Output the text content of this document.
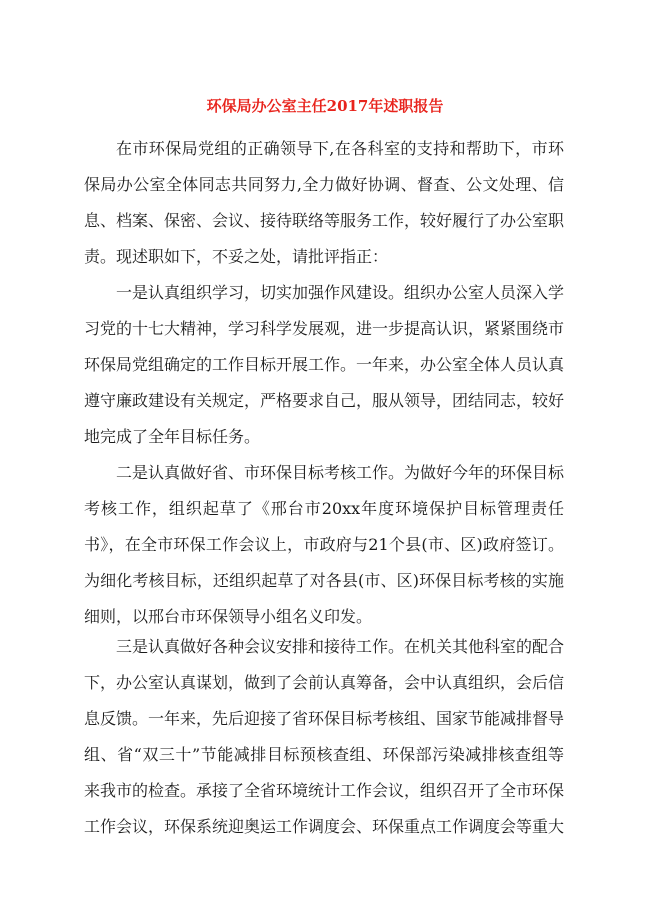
环保局办公室主任2017年述职报告
在市环保局党组的正确领导下,在各科室的支持和帮助下，市环
保局办公室全体同志共同努力,全力做好协调、督查、公文处理、信
息、档案、保密、会议、接待联络等服务工作，较好履行了办公室职
责。现述职如下，不妥之处，请批评指正：
一是认真组织学习，切实加强作风建设。组织办公室人员深入学
习党的十七大精神，学习科学发展观，进一步提高认识，紧紧围绕市
环保局党组确定的工作目标开展工作。一年来，办公室全体人员认真
遵守廉政建设有关规定，严格要求自己，服从领导，团结同志，较好
地完成了全年目标任务。
二是认真做好省、市环保目标考核工作。为做好今年的环保目标
考核工作，组织起草了《邢台市20xx年度环境保护目标管理责任
书》，在全市环保工作会议上，市政府与21个县(市、区)政府签订。
为细化考核目标，还组织起草了对各县(市、区)环保目标考核的实施
细则，以邢台市环保领导小组名义印发。
三是认真做好各种会议安排和接待工作。在机关其他科室的配合
下，办公室认真谋划，做到了会前认真筹备，会中认真组织，会后信
息反馈。一年来，先后迎接了省环保目标考核组、国家节能减排督导
组、省“双三十”节能减排目标预核查组、环保部污染减排核查组等
来我市的检查。承接了全省环境统计工作会议，组织召开了全市环保
工作会议，环保系统迎奥运工作调度会、环保重点工作调度会等重大
